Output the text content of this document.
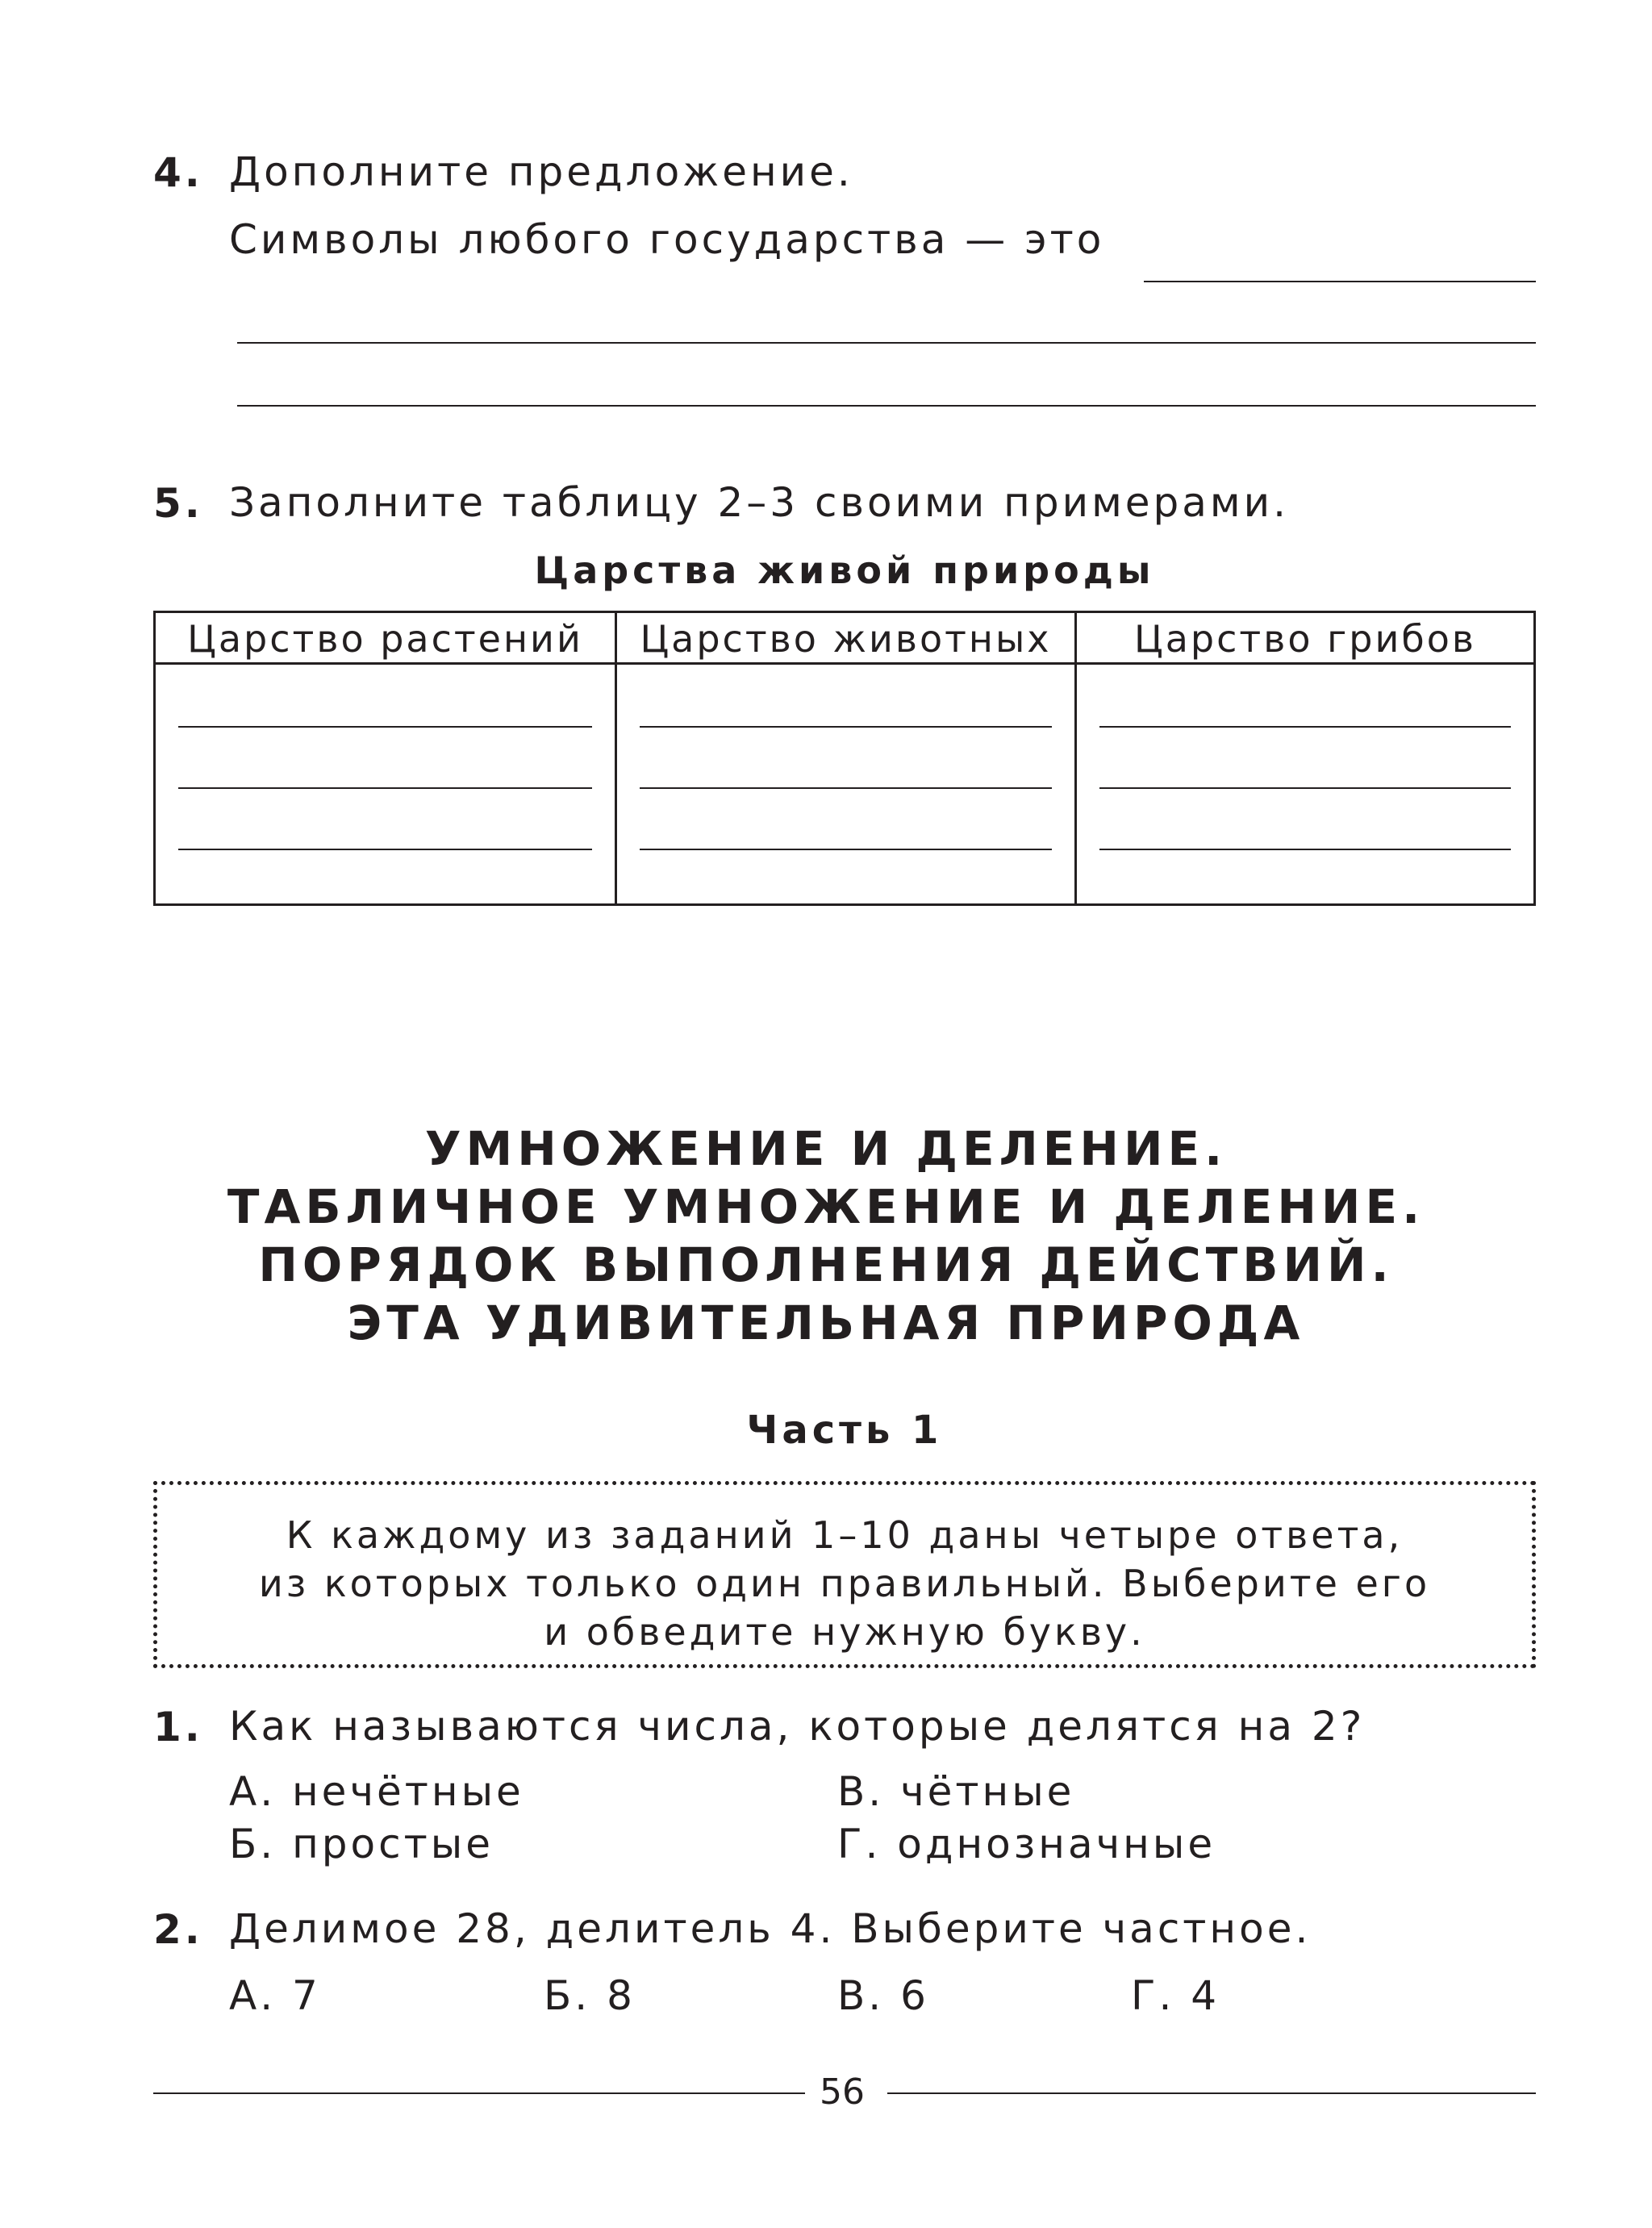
4. Дополните предложение.
Символы любого государства — это
5. Заполните таблицу 2–3 своими примерами.
Царства живой природы
Царство растений	Царство животных	Царство грибов
УМНОЖЕНИЕ И ДЕЛЕНИЕ.
ТАБЛИЧНОЕ УМНОЖЕНИЕ И ДЕЛЕНИЕ.
ПОРЯДОК ВЫПОЛНЕНИЯ ДЕЙСТВИЙ.
ЭТА УДИВИТЕЛЬНАЯ ПРИРОДА
Часть 1
К каждому из заданий 1–10 даны четыре ответа,
из которых только один правильный. Выберите его
и обведите нужную букву.
1. Как называются числа, которые делятся на 2?
А. нечётные	В. чётные
Б. простые	Г. однозначные
2. Делимое 28, делитель 4. Выберите частное.
А. 7	Б. 8	В. 6	Г. 4
56
